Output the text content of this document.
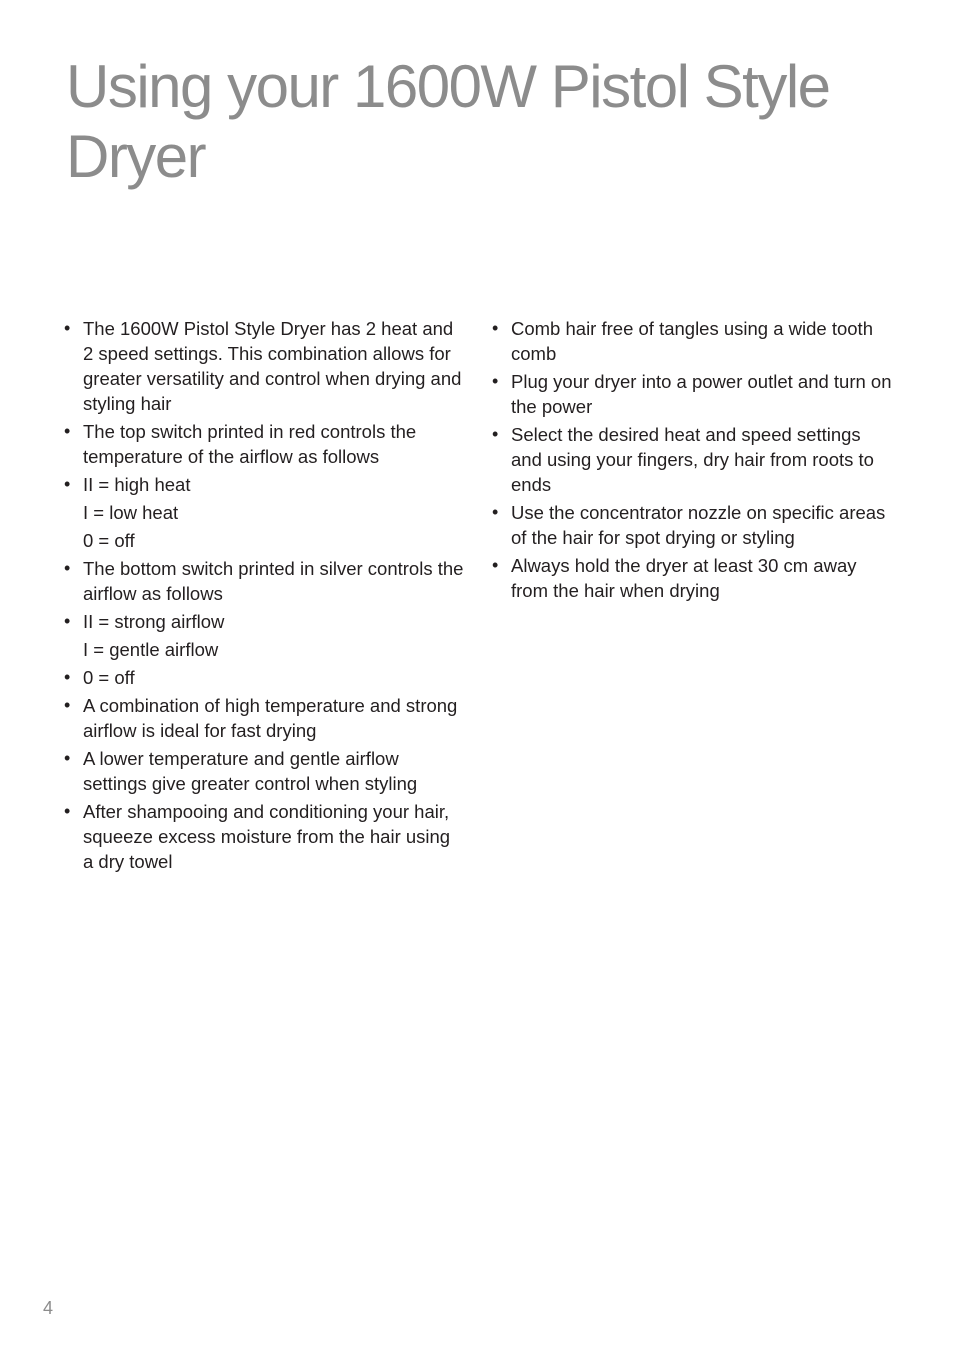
Using your 1600W Pistol Style Dryer
• The 1600W Pistol Style Dryer has 2 heat and 2 speed settings. This combination allows for greater versatility and control when drying and styling hair
• The top switch printed in red controls the temperature of the airflow as follows
• II = high heat
I = low heat
0 = off
• The bottom switch printed in silver controls the airflow as follows
• II = strong airflow
I = gentle airflow
• 0 = off
• A combination of high temperature and strong airflow is ideal for fast drying
• A lower temperature and gentle airflow settings give greater control when styling
• After shampooing and conditioning your hair, squeeze excess moisture from the hair using a dry towel
• Comb hair free of tangles using a wide tooth comb
• Plug your dryer into a power outlet and turn on the power
• Select the desired heat and speed settings and using your fingers, dry hair from roots to ends
• Use the concentrator nozzle on specific areas of the hair for spot drying or styling
• Always hold the dryer at least 30 cm away from the hair when drying
4
